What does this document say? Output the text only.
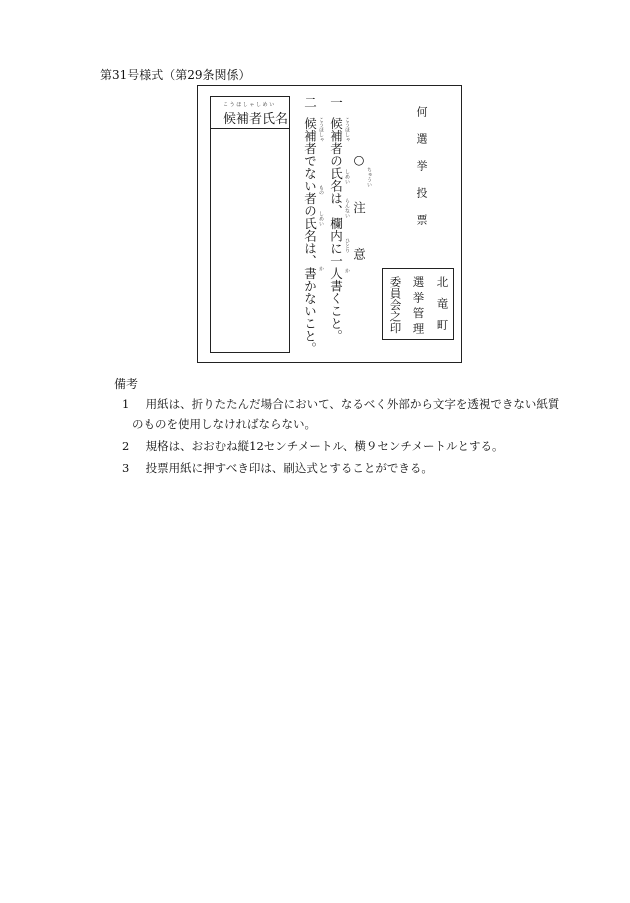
第31号様式（第29条関係）
こうほしゃしめい
候補者氏名
二
候補者でない者の氏名は、書かないこと。 こうほしゃ
もの
しめい
か
一
候補者の氏名は、欄内に一人書くこと。 こうほしゃ
しめい
らんない
ひとり
か ○注意 ちゅうい	何選挙投票
北竜町
選挙管理
委員会之印
備考
1 用紙は、折りたたんだ場合において、なるべく外部から文字を透視できない紙質
のものを使用しなければならない。
2 規格は、おおむね縦12センチメートル、横９センチメートルとする。
3 投票用紙に押すべき印は、刷込式とすることができる。
